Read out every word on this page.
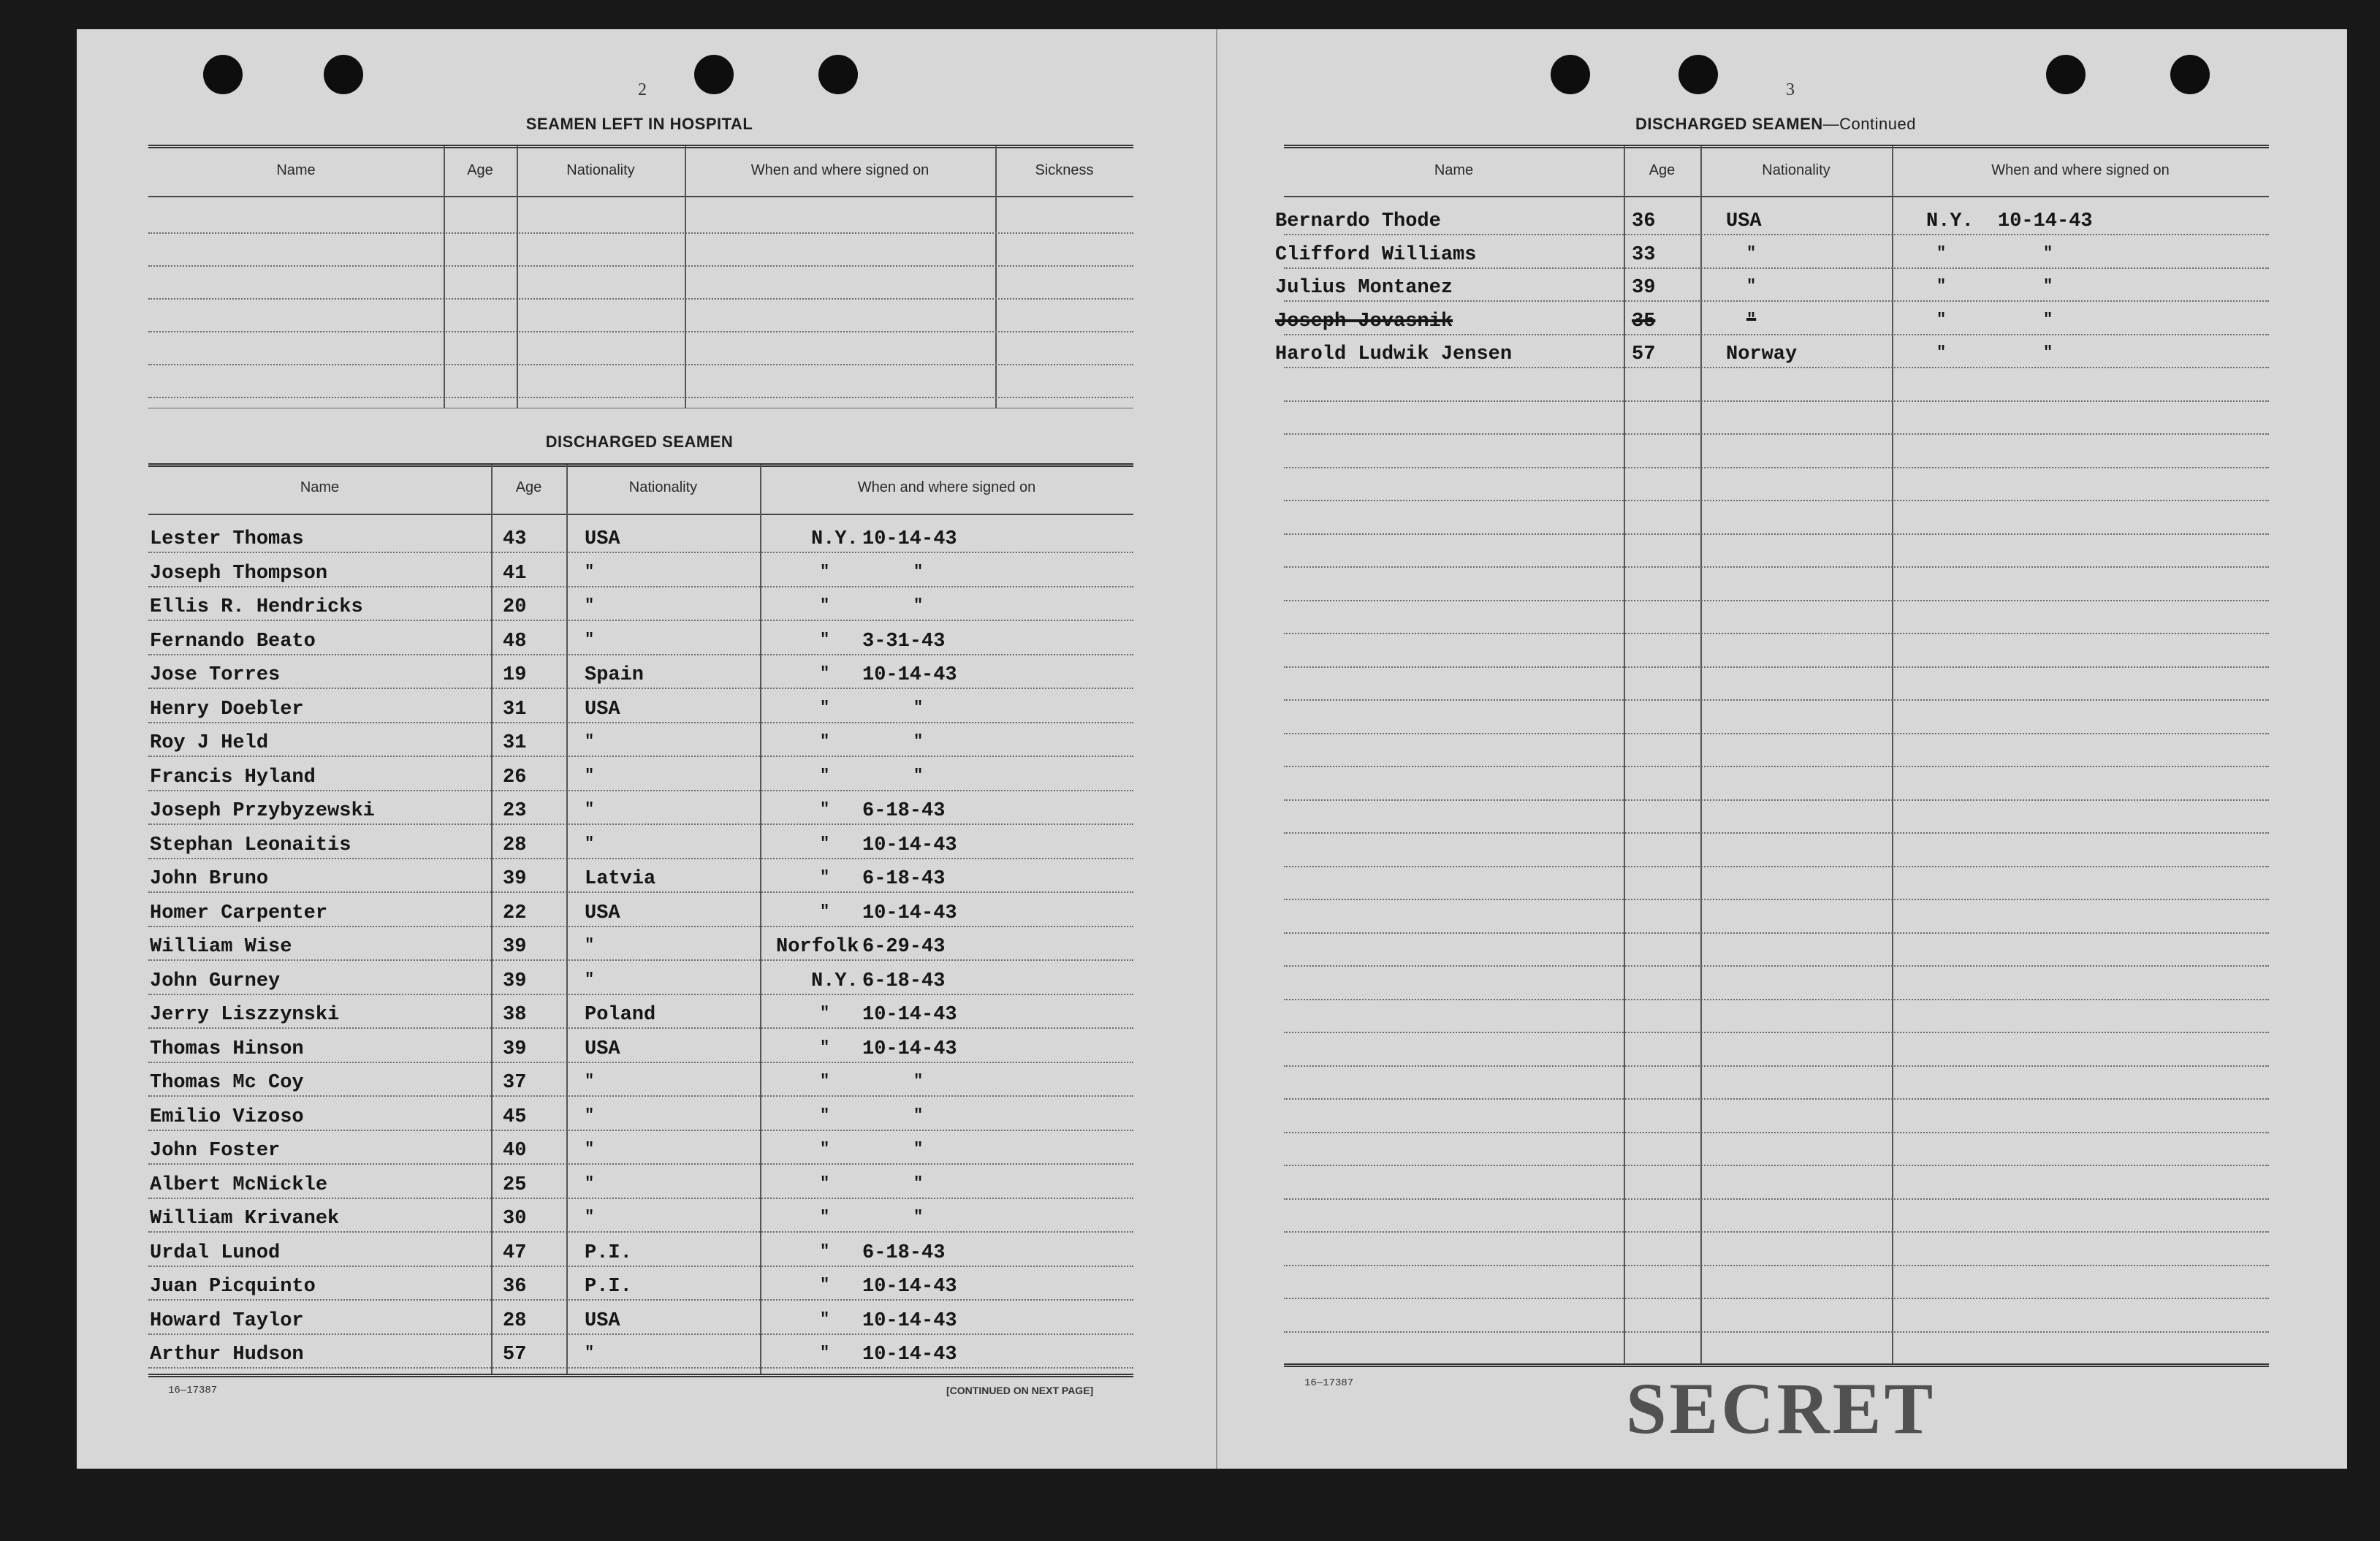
2
SEAMEN LEFT IN HOSPITAL
Name	Age	Nationality	When and where signed on	Sickness
DISCHARGED SEAMEN
Name	Age	Nationality	When and where signed on
Lester Thomas	43	USA	N.Y. 10-14-43
Joseph Thompson	41	"	"	"
Ellis R. Hendricks	20	"	"	"
Fernando Beato	48	"	" 3-31-43
Jose Torres	19	Spain	" 10-14-43
Henry Doebler	31	USA	"	"
Roy J Held	31	"	"	"
Francis Hyland	26	"	"	"
Joseph Przybyzewski	23	"	" 6-18-43
Stephan Leonaitis	28	"	" 10-14-43
John Bruno	39	Latvia	" 6-18-43
Homer Carpenter	22	USA	" 10-14-43
William Wise	39	"	Norfolk 6-29-43
John Gurney	39	"	N.Y. 6-18-43
Jerry Liszzynski	38	Poland	" 10-14-43
Thomas Hinson	39	USA	" 10-14-43
Thomas Mc Coy	37	"	"	"
Emilio Vizoso	45	"	"	"
John Foster	40	"	"	"
Albert McNickle	25	"	"	"
William Krivanek	30	"	"	"
Urdal Lunod	47	P.I.	" 6-18-43
Juan Picquinto	36	P.I.	" 10-14-43
Howard Taylor	28	USA	" 10-14-43
Arthur Hudson	57	"	" 10-14-43
16—17387	[CONTINUED ON NEXT PAGE]
3
DISCHARGED SEAMEN—Continued
Name	Age	Nationality	When and where signed on
Bernardo Thode	36	USA	N.Y. 10-14-43
Clifford Williams	33	"	"	"
Julius Montanez	39	"	"	"
Joseph Jovasnik	35	"	"	"
Harold Ludwik Jensen	57	Norway	"	"
16—17387	SECRET
